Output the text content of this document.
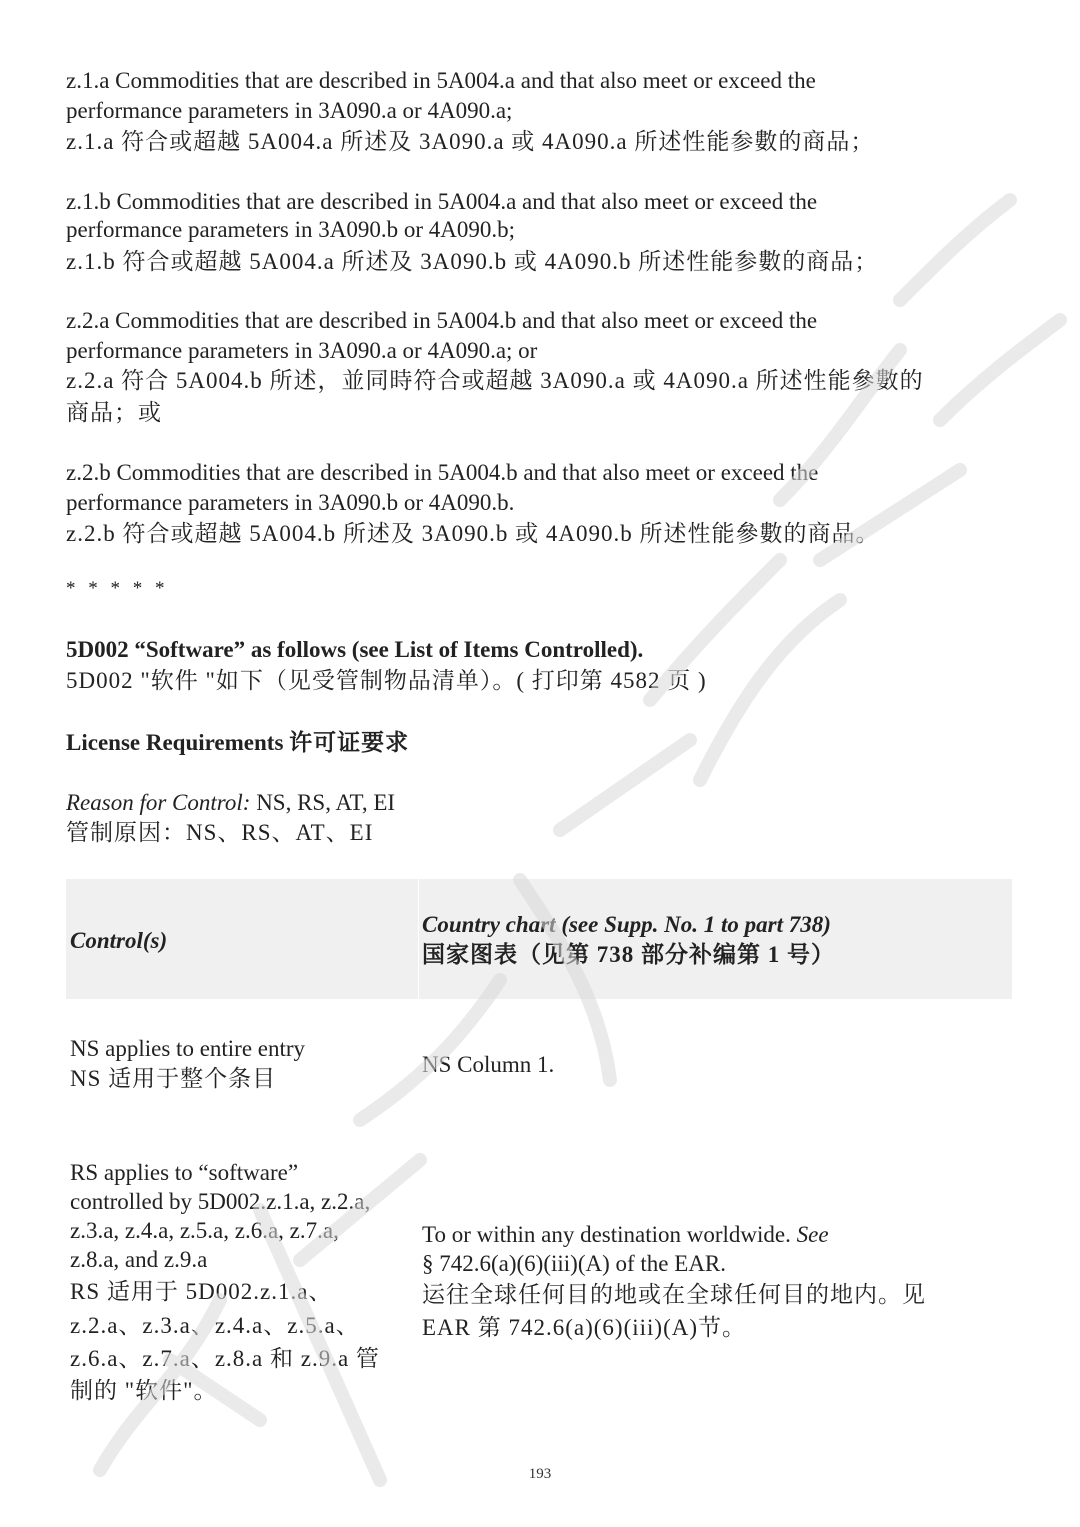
z.1.a Commodities that are described in 5A004.a and that also meet or exceed the
performance parameters in 3A090.a or 4A090.a;
z.1.a 符合或超越 5A004.a 所述及 3A090.a 或 4A090.a 所述性能参數的商品；
z.1.b Commodities that are described in 5A004.a and that also meet or exceed the
performance parameters in 3A090.b or 4A090.b;
z.1.b 符合或超越 5A004.a 所述及 3A090.b 或 4A090.b 所述性能参數的商品；
z.2.a Commodities that are described in 5A004.b and that also meet or exceed the
performance parameters in 3A090.a or 4A090.a; or
z.2.a 符合 5A004.b 所述，並同時符合或超越 3A090.a 或 4A090.a 所述性能參數的
商品；或
z.2.b Commodities that are described in 5A004.b and that also meet or exceed the
performance parameters in 3A090.b or 4A090.b.
z.2.b 符合或超越 5A004.b 所述及 3A090.b 或 4A090.b 所述性能參數的商品。
* * * * *
5D002 “Software” as follows (see List of Items Controlled).
5D002 "软件 "如下（见受管制物品清单）。( 打印第 4582 页 )
License Requirements 许可证要求
Reason for Control: NS, RS, AT, EI
管制原因：NS、RS、AT、EI
Control(s)
Country chart (see Supp. No. 1 to part 738)
国家图表（见第 738 部分补编第 1 号）
NS applies to entire entry
NS 适用于整个条目
NS Column 1.
RS applies to “software”
controlled by 5D002.z.1.a, z.2.a,
z.3.a, z.4.a, z.5.a, z.6.a, z.7.a,
z.8.a, and z.9.a
RS 适用于 5D002.z.1.a、
z.2.a、z.3.a、z.4.a、z.5.a、
z.6.a、z.7.a、z.8.a 和 z.9.a 管
制的 "软件"。
To or within any destination worldwide. See
§ 742.6(a)(6)(iii)(A) of the EAR.
运往全球任何目的地或在全球任何目的地内。见
EAR 第 742.6(a)(6)(iii)(A)节。
193
